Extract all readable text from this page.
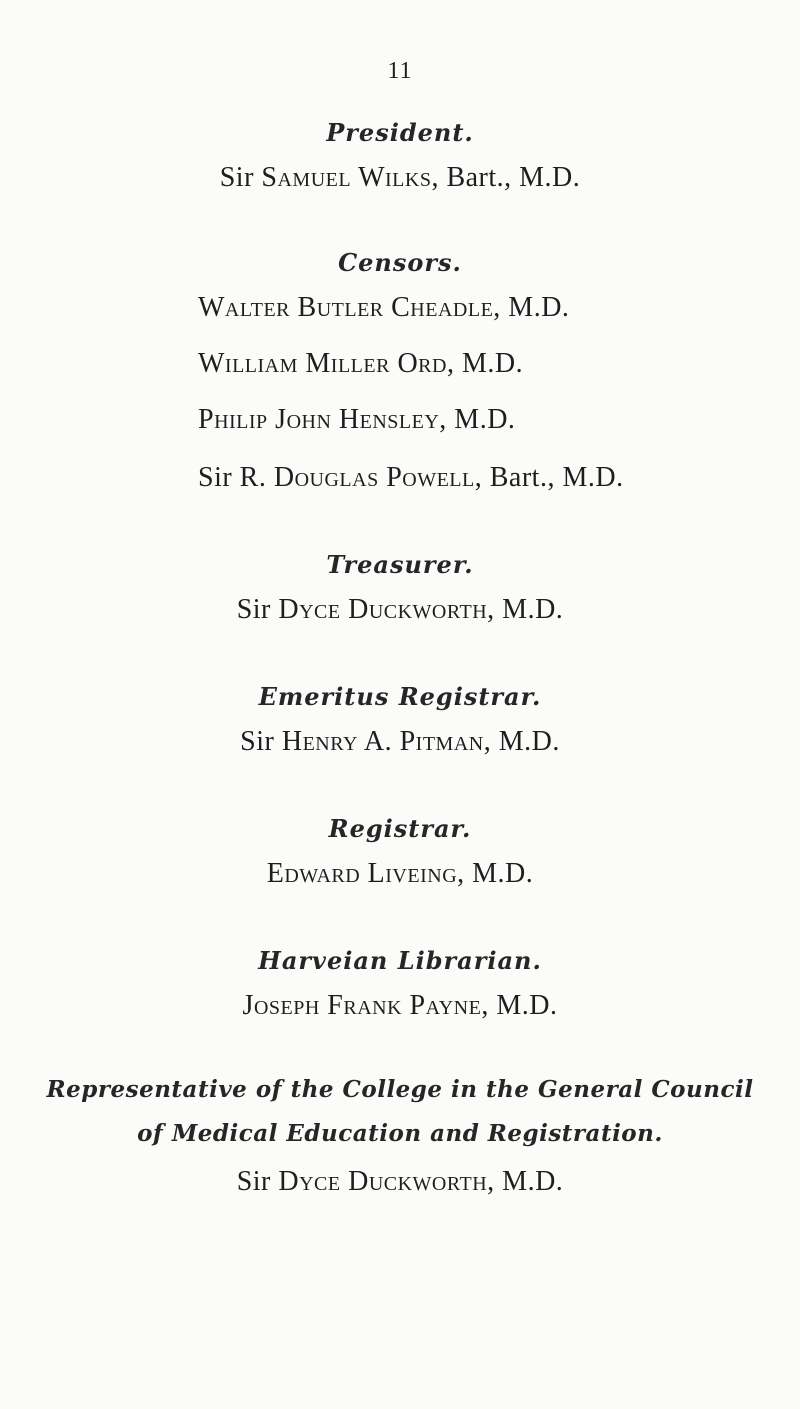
11
President.
Sir Samuel Wilks, Bart., M.D.
Censors.
Walter Butler Cheadle, M.D.
William Miller Ord, M.D.
Philip John Hensley, M.D.
Sir R. Douglas Powell, Bart., M.D.
Treasurer.
Sir Dyce Duckworth, M.D.
Emeritus Registrar.
Sir Henry A. Pitman, M.D.
Registrar.
Edward Liveing, M.D.
Harveian Librarian.
Joseph Frank Payne, M.D.
Representative of the College in the General Council
of Medical Education and Registration.
Sir Dyce Duckworth, M.D.
